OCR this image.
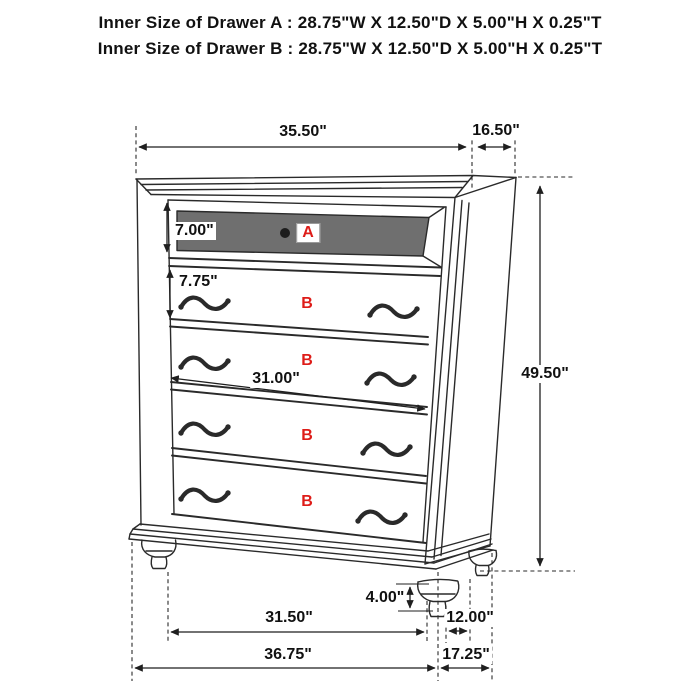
Inner Size of Drawer A : 28.75"W X 12.50"D X 5.00"H X 0.25"T
Inner Size of Drawer B : 28.75"W X 12.50"D X 5.00"H X 0.25"T
35.50"	16.50"
49.50"
7.00"
7.75"
31.00"
4.00"
31.50"	12.00"
36.75"	17.25"
A
B
B
B
B
